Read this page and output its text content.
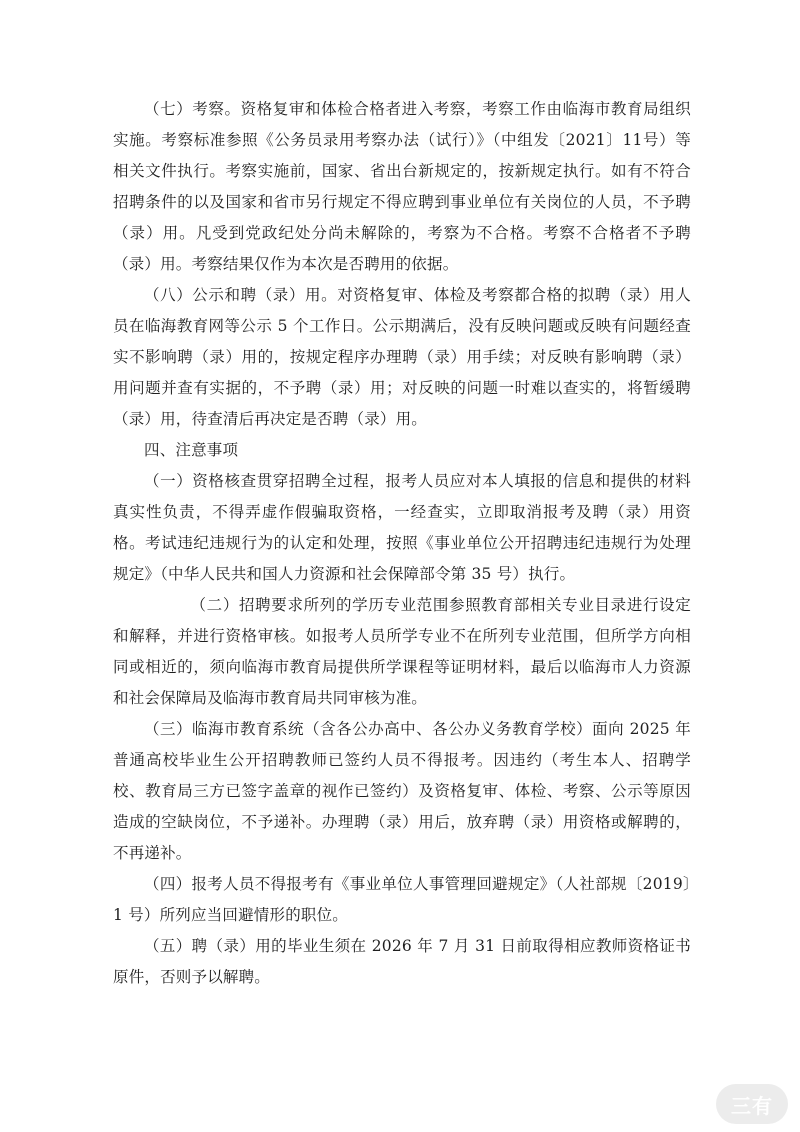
（七）考察。资格复审和体检合格者进入考察，考察工作由临海市教育局组织实施。考察标准参照《公务员录用考察办法（试行）》（中组发〔2021〕11号）等相关文件执行。考察实施前，国家、省出台新规定的，按新规定执行。如有不符合招聘条件的以及国家和省市另行规定不得应聘到事业单位有关岗位的人员，不予聘（录）用。凡受到党政纪处分尚未解除的，考察为不合格。考察不合格者不予聘（录）用。考察结果仅作为本次是否聘用的依据。

（八）公示和聘（录）用。对资格复审、体检及考察都合格的拟聘（录）用人员在临海教育网等公示 5 个工作日。公示期满后，没有反映问题或反映有问题经查实不影响聘（录）用的，按规定程序办理聘（录）用手续；对反映有影响聘（录）用问题并查有实据的，不予聘（录）用；对反映的问题一时难以查实的，将暂缓聘（录）用，待查清后再决定是否聘（录）用。

四、注意事项

（一）资格核查贯穿招聘全过程，报考人员应对本人填报的信息和提供的材料真实性负责，不得弄虚作假骗取资格，一经查实，立即取消报考及聘（录）用资格。考试违纪违规行为的认定和处理，按照《事业单位公开招聘违纪违规行为处理规定》（中华人民共和国人力资源和社会保障部令第 35 号）执行。

（二）招聘要求所列的学历专业范围参照教育部相关专业目录进行设定和解释，并进行资格审核。如报考人员所学专业不在所列专业范围，但所学方向相同或相近的，须向临海市教育局提供所学课程等证明材料，最后以临海市人力资源和社会保障局及临海市教育局共同审核为准。

（三）临海市教育系统（含各公办高中、各公办义务教育学校）面向 2025 年普通高校毕业生公开招聘教师已签约人员不得报考。因违约（考生本人、招聘学校、教育局三方已签字盖章的视作已签约）及资格复审、体检、考察、公示等原因造成的空缺岗位，不予递补。办理聘（录）用后，放弃聘（录）用资格或解聘的，不再递补。

（四）报考人员不得报考有《事业单位人事管理回避规定》（人社部规〔2019〕1 号）所列应当回避情形的职位。

（五）聘（录）用的毕业生须在 2026 年 7 月 31 日前取得相应教师资格证书原件，否则予以解聘。

三有
